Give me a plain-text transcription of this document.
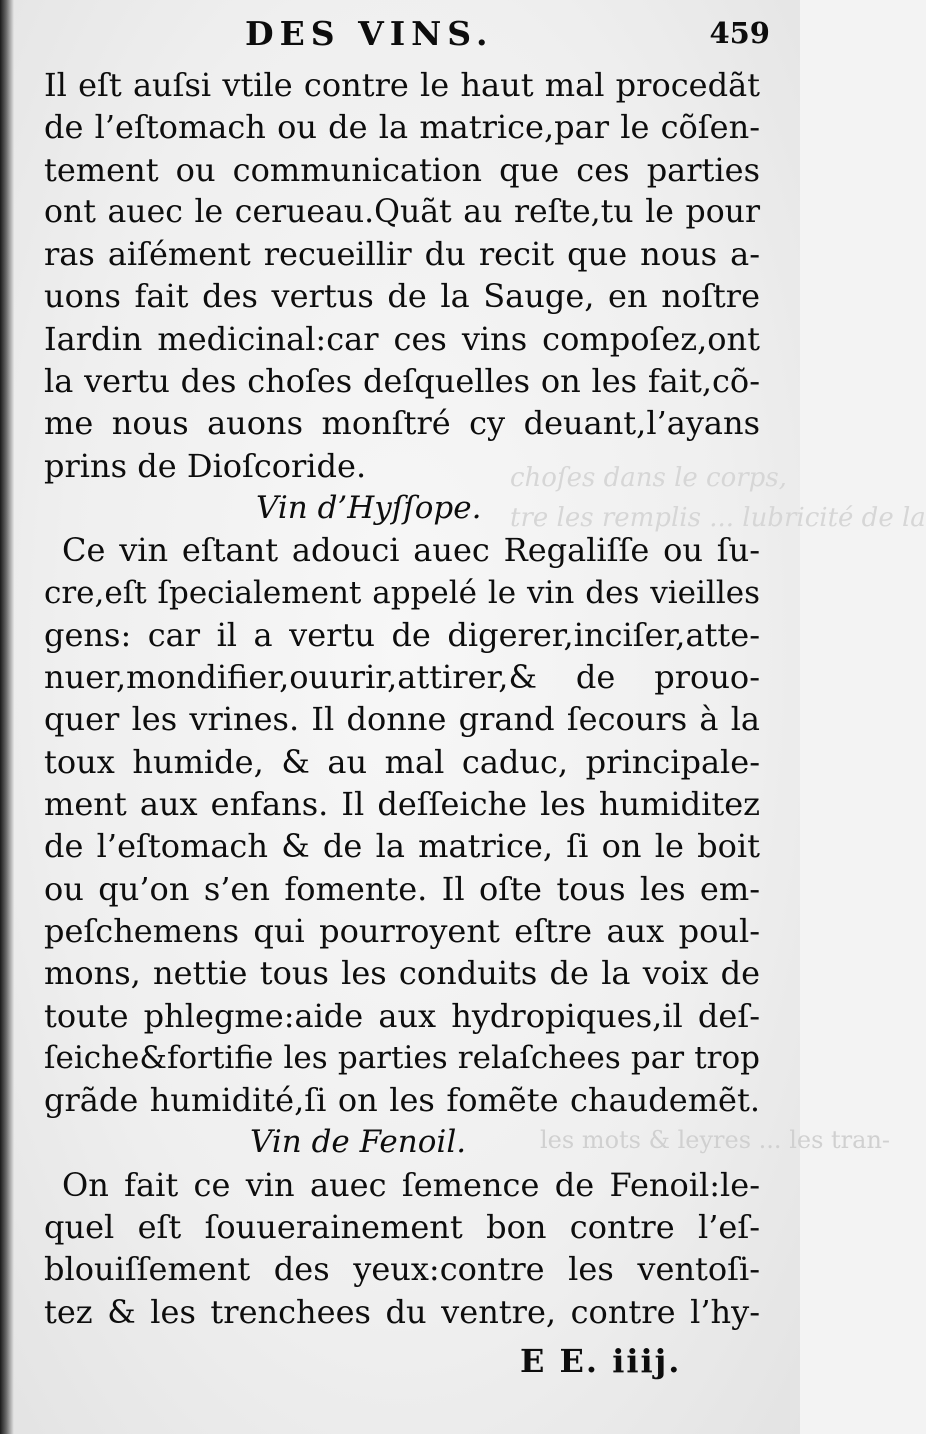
choſes dans le corps,
tre les remplis ... lubricité de la
les mots & leyres ... les tran-
DES VINS.	459
Il eſt auſsi vtile contre le haut mal procedãt
de l’eſtomach ou de la matrice,par le cõſen-
tement ou communication que ces parties
ont auec le cerueau.Quãt au reſte,tu le pour
ras aiſément recueillir du recit que nous a-
uons fait des vertus de la Sauge, en noſtre
Iardin medicinal:car ces vins compoſez,ont
la vertu des choſes deſquelles on les fait,cõ-
me nous auons monſtré cy deuant,l’ayans
prins de Dioſcoride.
Vin d’Hyſſope.
Ce vin eſtant adouci auec Regaliſſe ou ſu-
cre,eſt ſpecialement appelé le vin des vieilles
gens: car il a vertu de digerer,inciſer,atte-
nuer,mondifier,ouurir,attirer,& de prouo-
quer les vrines. Il donne grand ſecours à la
toux humide, & au mal caduc, principale-
ment aux enfans. Il deſſeiche les humiditez
de l’eſtomach & de la matrice, ſi on le boit
ou qu’on s’en fomente. Il oſte tous les em-
peſchemens qui pourroyent eſtre aux poul-
mons, nettie tous les conduits de la voix de
toute phlegme:aide aux hydropiques,il deſ-
ſeiche&fortifie les parties relaſchees par trop
grãde humidité,ſi on les fomẽte chaudemẽt.
Vin de Fenoil.
On fait ce vin auec ſemence de Fenoil:le-
quel eſt ſouuerainement bon contre l’eſ-
blouiſſement des yeux:contre les ventoſi-
tez & les trenchees du ventre, contre l’hy-
E E. iiij.
